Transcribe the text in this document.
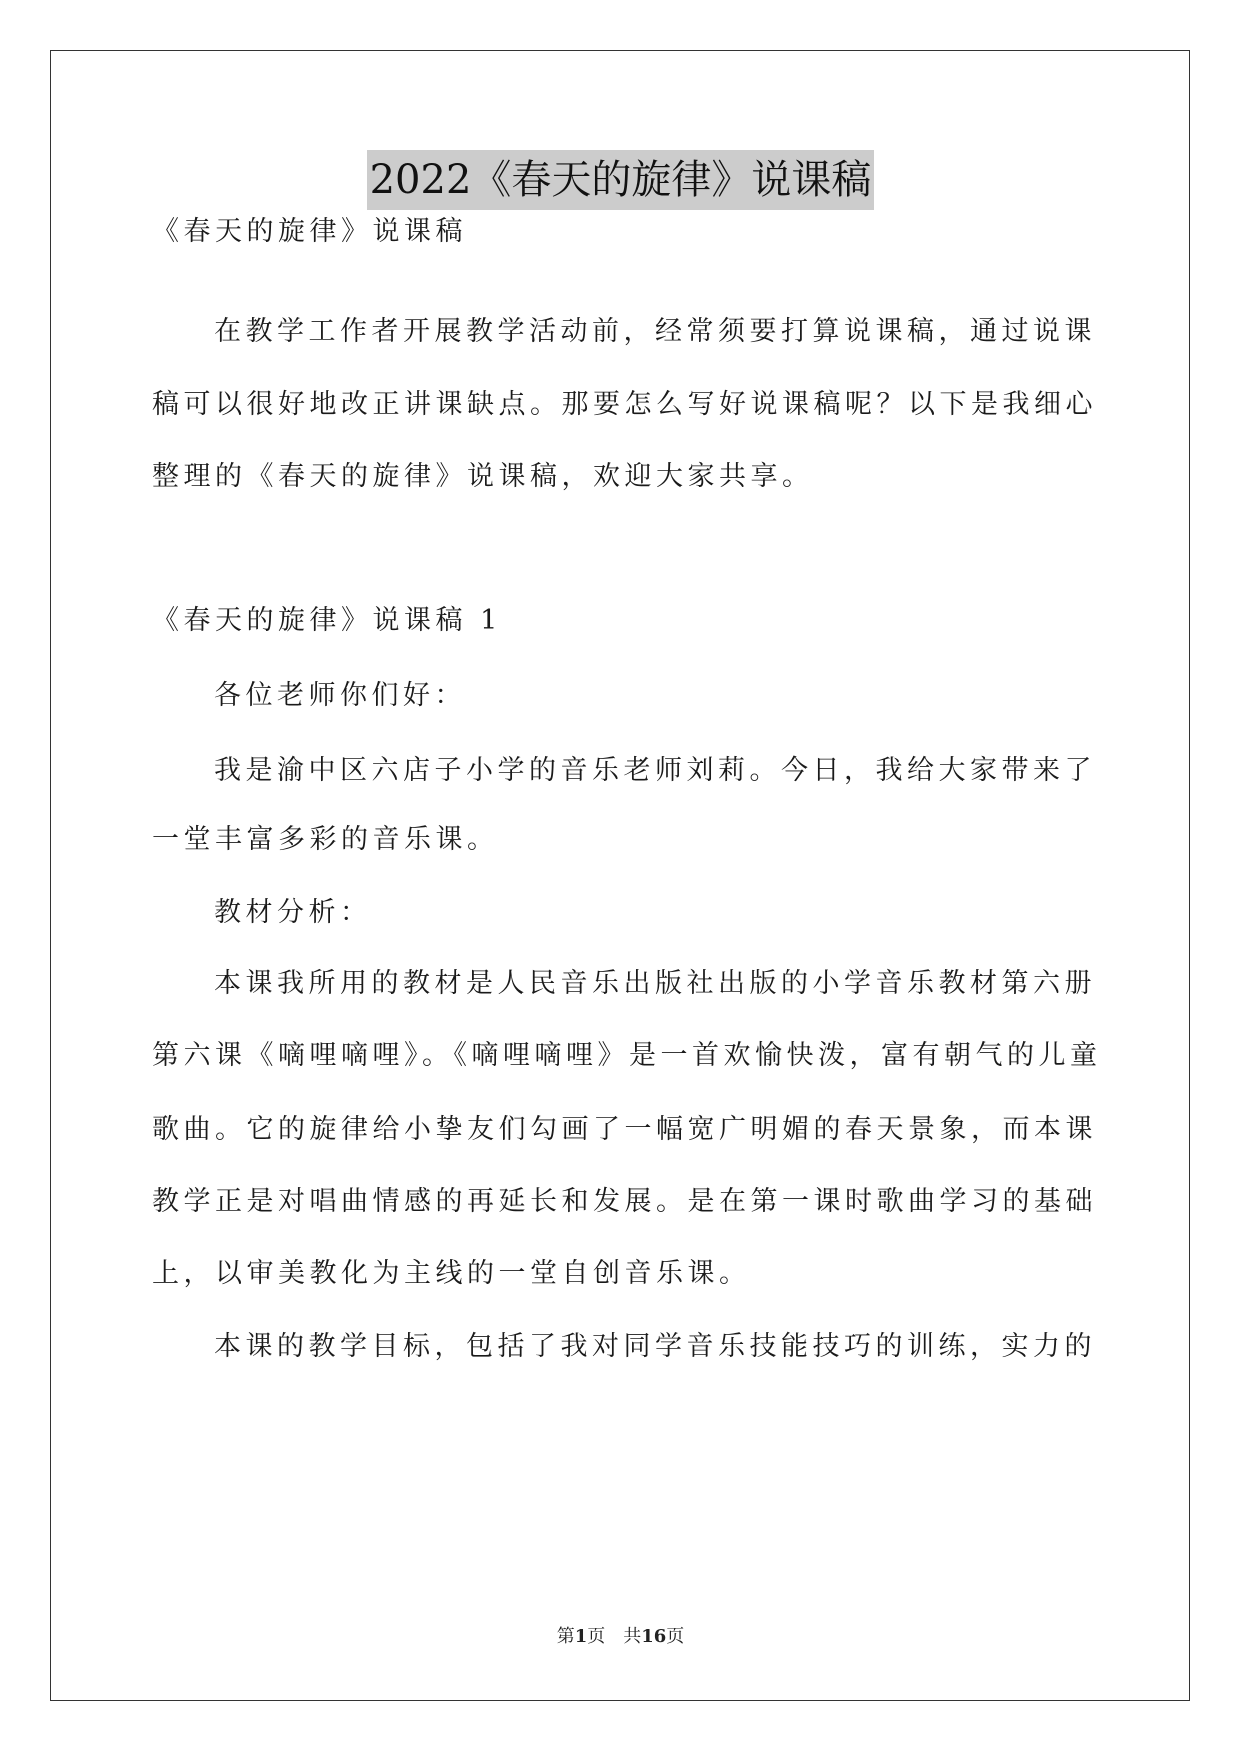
2022《春天的旋律》说课稿
《春天的旋律》说课稿
在教学工作者开展教学活动前，经常须要打算说课稿，通过说课
稿可以很好地改正讲课缺点。那要怎么写好说课稿呢？以下是我细心
整理的《春天的旋律》说课稿，欢迎大家共享。
《春天的旋律》说课稿 1
各位老师你们好：
我是渝中区六店子小学的音乐老师刘莉。今日，我给大家带来了
一堂丰富多彩的音乐课。
教材分析：
本课我所用的教材是人民音乐出版社出版的小学音乐教材第六册
第六课《嘀哩嘀哩》。《嘀哩嘀哩》是一首欢愉快泼，富有朝气的儿童
歌曲。它的旋律给小挚友们勾画了一幅宽广明媚的春天景象，而本课
教学正是对唱曲情感的再延长和发展。是在第一课时歌曲学习的基础
上，以审美教化为主线的一堂自创音乐课。
本课的教学目标，包括了我对同学音乐技能技巧的训练，实力的
第1页　共16页
